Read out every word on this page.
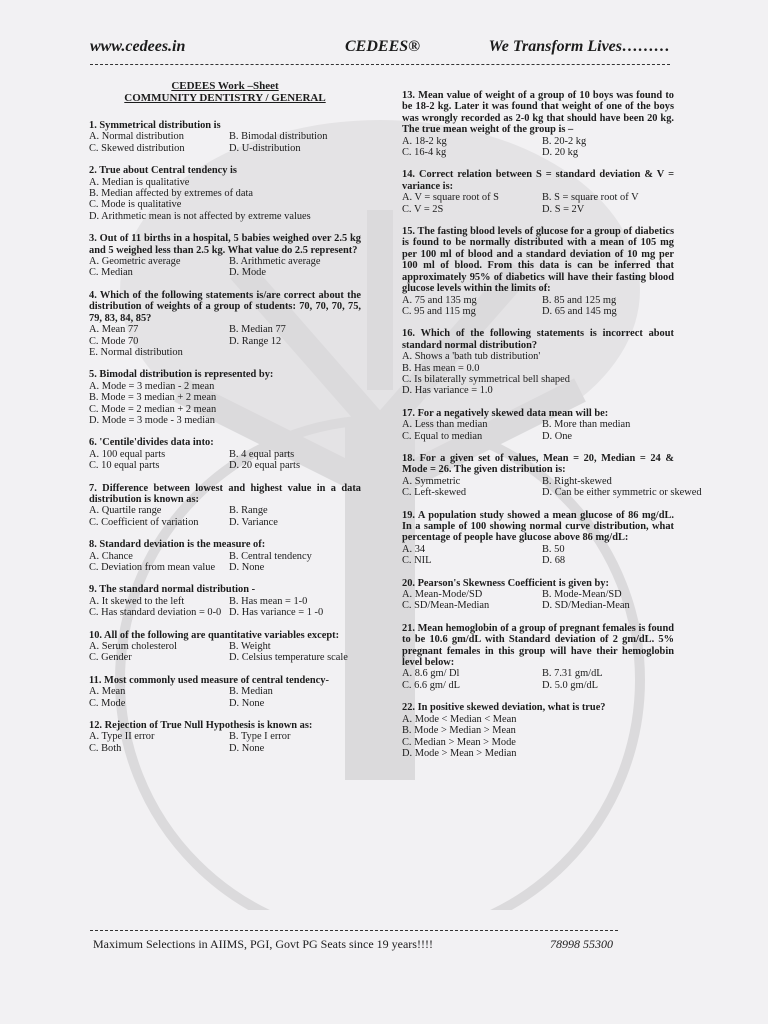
www.cedees.in	CEDEES®	We Transform Lives………
CEDEES Work –Sheet
COMMUNITY DENTISTRY / GENERAL
1. Symmetrical distribution is
A. Normal distribution	B. Bimodal distribution
C. Skewed distribution	D. U-distribution
2. True about Central tendency is
A. Median is qualitative
B. Median affected by extremes of data
C. Mode is qualitative
D. Arithmetic mean is not affected by extreme values
3. Out of 11 births in a hospital, 5 babies weighed over 2.5 kg and 5 weighed less than 2.5 kg. What value do 2.5 represent?
A. Geometric average	B. Arithmetic average
C. Median	D. Mode
4. Which of the following statements is/are correct about the distribution of weights of a group of students: 70, 70, 70, 75, 79, 83, 84, 85?
A. Mean 77	B. Median 77
C. Mode 70	D. Range 12
E. Normal distribution
5. Bimodal distribution is represented by:
A. Mode = 3 median - 2 mean
B. Mode = 3 median + 2 mean
C. Mode = 2 median + 2 mean
D. Mode = 3 mode - 3 median
6. 'Centile'divides data into:
A. 100 equal parts	B. 4 equal parts
C. 10 equal parts	D. 20 equal parts
7. Difference between lowest and highest value in a data distribution is known as:
A. Quartile range	B. Range
C. Coefficient of variation	D. Variance
8. Standard deviation is the measure of:
A. Chance	B. Central tendency
C. Deviation from mean value	D. None
9. The standard normal distribution -
A. It skewed to the left	B. Has mean = 1-0
C. Has standard deviation = 0-0 D. Has variance = 1 -0
10. All of the following are quantitative variables except:
A. Serum cholesterol	B. Weight
C. Gender	D. Celsius temperature scale
11. Most commonly used measure of central tendency-
A. Mean	B. Median
C. Mode	D. None
12. Rejection of True Null Hypothesis is known as:
A. Type II error	B. Type I error
C. Both	D. None
13. Mean value of weight of a group of 10 boys was found to be 18-2 kg. Later it was found that weight of one of the boys was wrongly recorded as 2-0 kg that should have been 20 kg. The true mean weight of the group is –
A. 18-2 kg	B. 20-2 kg
C. 16-4 kg	D. 20 kg
14. Correct relation between S = standard deviation & V = variance is:
A. V = square root of S	B. S = square root of V
C. V = 2S	D. S = 2V
15. The fasting blood levels of glucose for a group of diabetics is found to be normally distributed with a mean of 105 mg per 100 ml of blood and a standard deviation of 10 mg per 100 ml of blood. From this data is can be inferred that approximately 95% of diabetics will have their fasting blood glucose levels within the limits of:
A. 75 and 135 mg	B. 85 and 125 mg
C. 95 and 115 mg	D. 65 and 145 mg
16. Which of the following statements is incorrect about standard normal distribution?
A. Shows a 'bath tub distribution'
B. Has mean = 0.0
C. Is bilaterally symmetrical bell shaped
D. Has variance = 1.0
17. For a negatively skewed data mean will be:
A. Less than median	B. More than median
C. Equal to median	D. One
18. For a given set of values, Mean = 20, Median = 24 & Mode = 26. The given distribution is:
A. Symmetric	B. Right-skewed
C. Left-skewed	D. Can be either symmetric or skewed
19. A population study showed a mean glucose of 86 mg/dL. In a sample of 100 showing normal curve distribution, what percentage of people have glucose above 86 mg/dL:
A. 34	B. 50
C. NIL	D. 68
20. Pearson's Skewness Coefficient is given by:
A. Mean-Mode/SD	B. Mode-Mean/SD
C. SD/Mean-Median	D. SD/Median-Mean
21. Mean hemoglobin of a group of pregnant females is found to be 10.6 gm/dL with Standard deviation of 2 gm/dL. 5% pregnant females in this group will have their hemoglobin level below:
A. 8.6 gm/ Dl	B. 7.31 gm/dL
C. 6.6 gm/ dL	D. 5.0 gm/dL
22. In positive skewed deviation, what is true?
A. Mode < Median < Mean
B. Mode > Median > Mean
C. Median > Mean > Mode
D. Mode > Mean > Median
Maximum Selections in AIIMS, PGI, Govt PG Seats since 19 years!!!!	78998 55300
